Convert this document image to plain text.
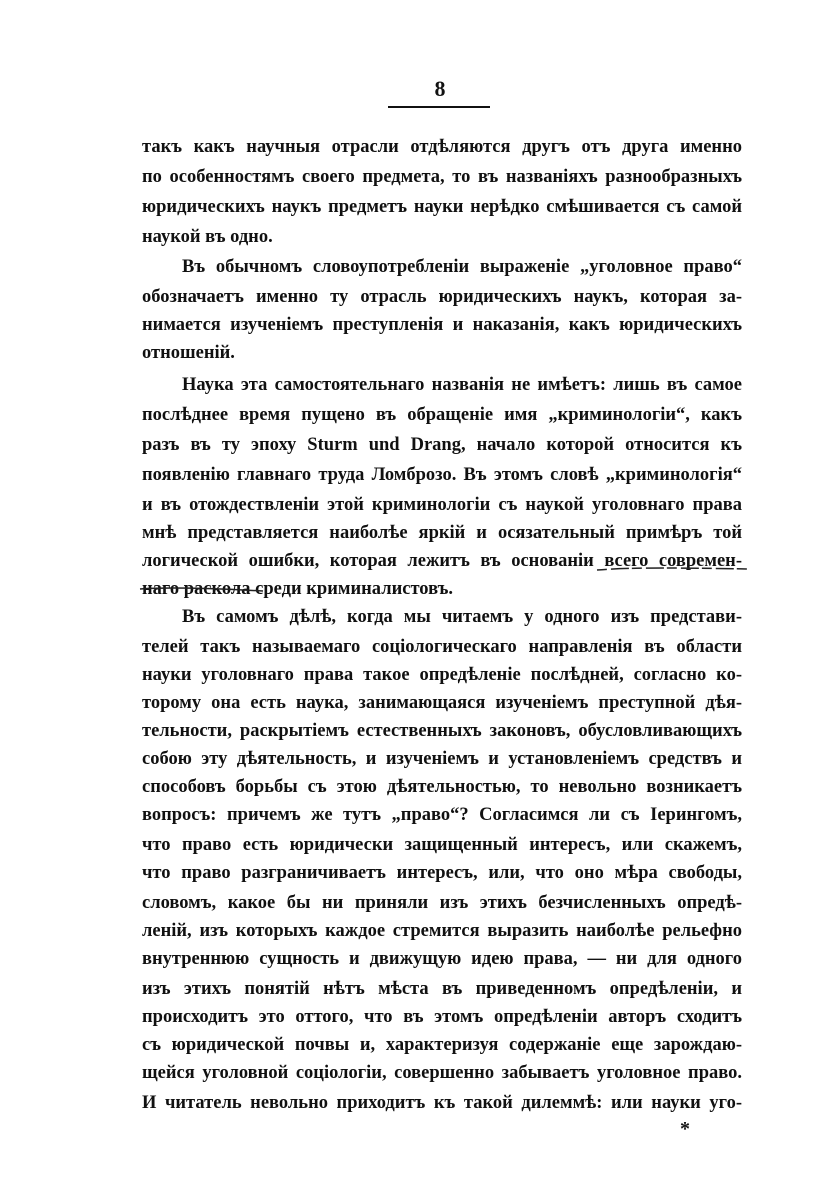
8
такъ какъ научныя отрасли отдѣляются другъ отъ друга именно
по особенностямъ своего предмета, то въ названіяхъ разнообразныхъ
юридическихъ наукъ предметъ науки нерѣдко смѣшивается съ самой
наукой въ одно.
Въ обычномъ словоупотребленіи выраженіе „уголовное право“
обозначаетъ именно ту отрасль юридическихъ наукъ, которая за-
нимается изученіемъ преступленія и наказанія, какъ юридическихъ
отношеній.
Наука эта самостоятельнаго названія не имѣетъ: лишь въ самое
послѣднее время пущено въ обращеніе имя „криминологіи“, какъ
разъ въ ту эпоху Sturm und Drang, начало которой относится къ
появленію главнаго труда Ломброзо. Въ этомъ словѣ „криминологія“
и въ отождествленіи этой криминологіи съ наукой уголовнаго права
мнѣ представляется наиболѣе яркій и осязательный примѣръ той
логической ошибки, которая лежитъ въ основаніи всего современ-
наго раскола среди криминалистовъ.
Въ самомъ дѣлѣ, когда мы читаемъ у одного изъ представи-
телей такъ называемаго соціологическаго направленія въ области
науки уголовнаго права такое опредѣленіе послѣдней, согласно ко-
торому она есть наука, занимающаяся изученіемъ преступной дѣя-
тельности, раскрытіемъ естественныхъ законовъ, обусловливающихъ
собою эту дѣятельность, и изученіемъ и установленіемъ средствъ и
способовъ борьбы съ этою дѣятельностью, то невольно возникаетъ
вопросъ: причемъ же тутъ „право“? Согласимся ли съ Іерингомъ,
что право есть юридически защищенный интересъ, или скажемъ,
что право разграничиваетъ интересъ, или, что оно мѣра свободы,
словомъ, какое бы ни приняли изъ этихъ безчисленныхъ опредѣ-
леній, изъ которыхъ каждое стремится выразить наиболѣе рельефно
внутреннюю сущность и движущую идею права, — ни для одного
изъ этихъ понятій нѣтъ мѣста въ приведенномъ опредѣленіи, и
происходитъ это оттого, что въ этомъ опредѣленіи авторъ сходитъ
съ юридической почвы и, характеризуя содержаніе еще зарождаю-
щейся уголовной соціологіи, совершенно забываетъ уголовное право.
И читатель невольно приходитъ къ такой дилеммѣ: или науки уго-
*
